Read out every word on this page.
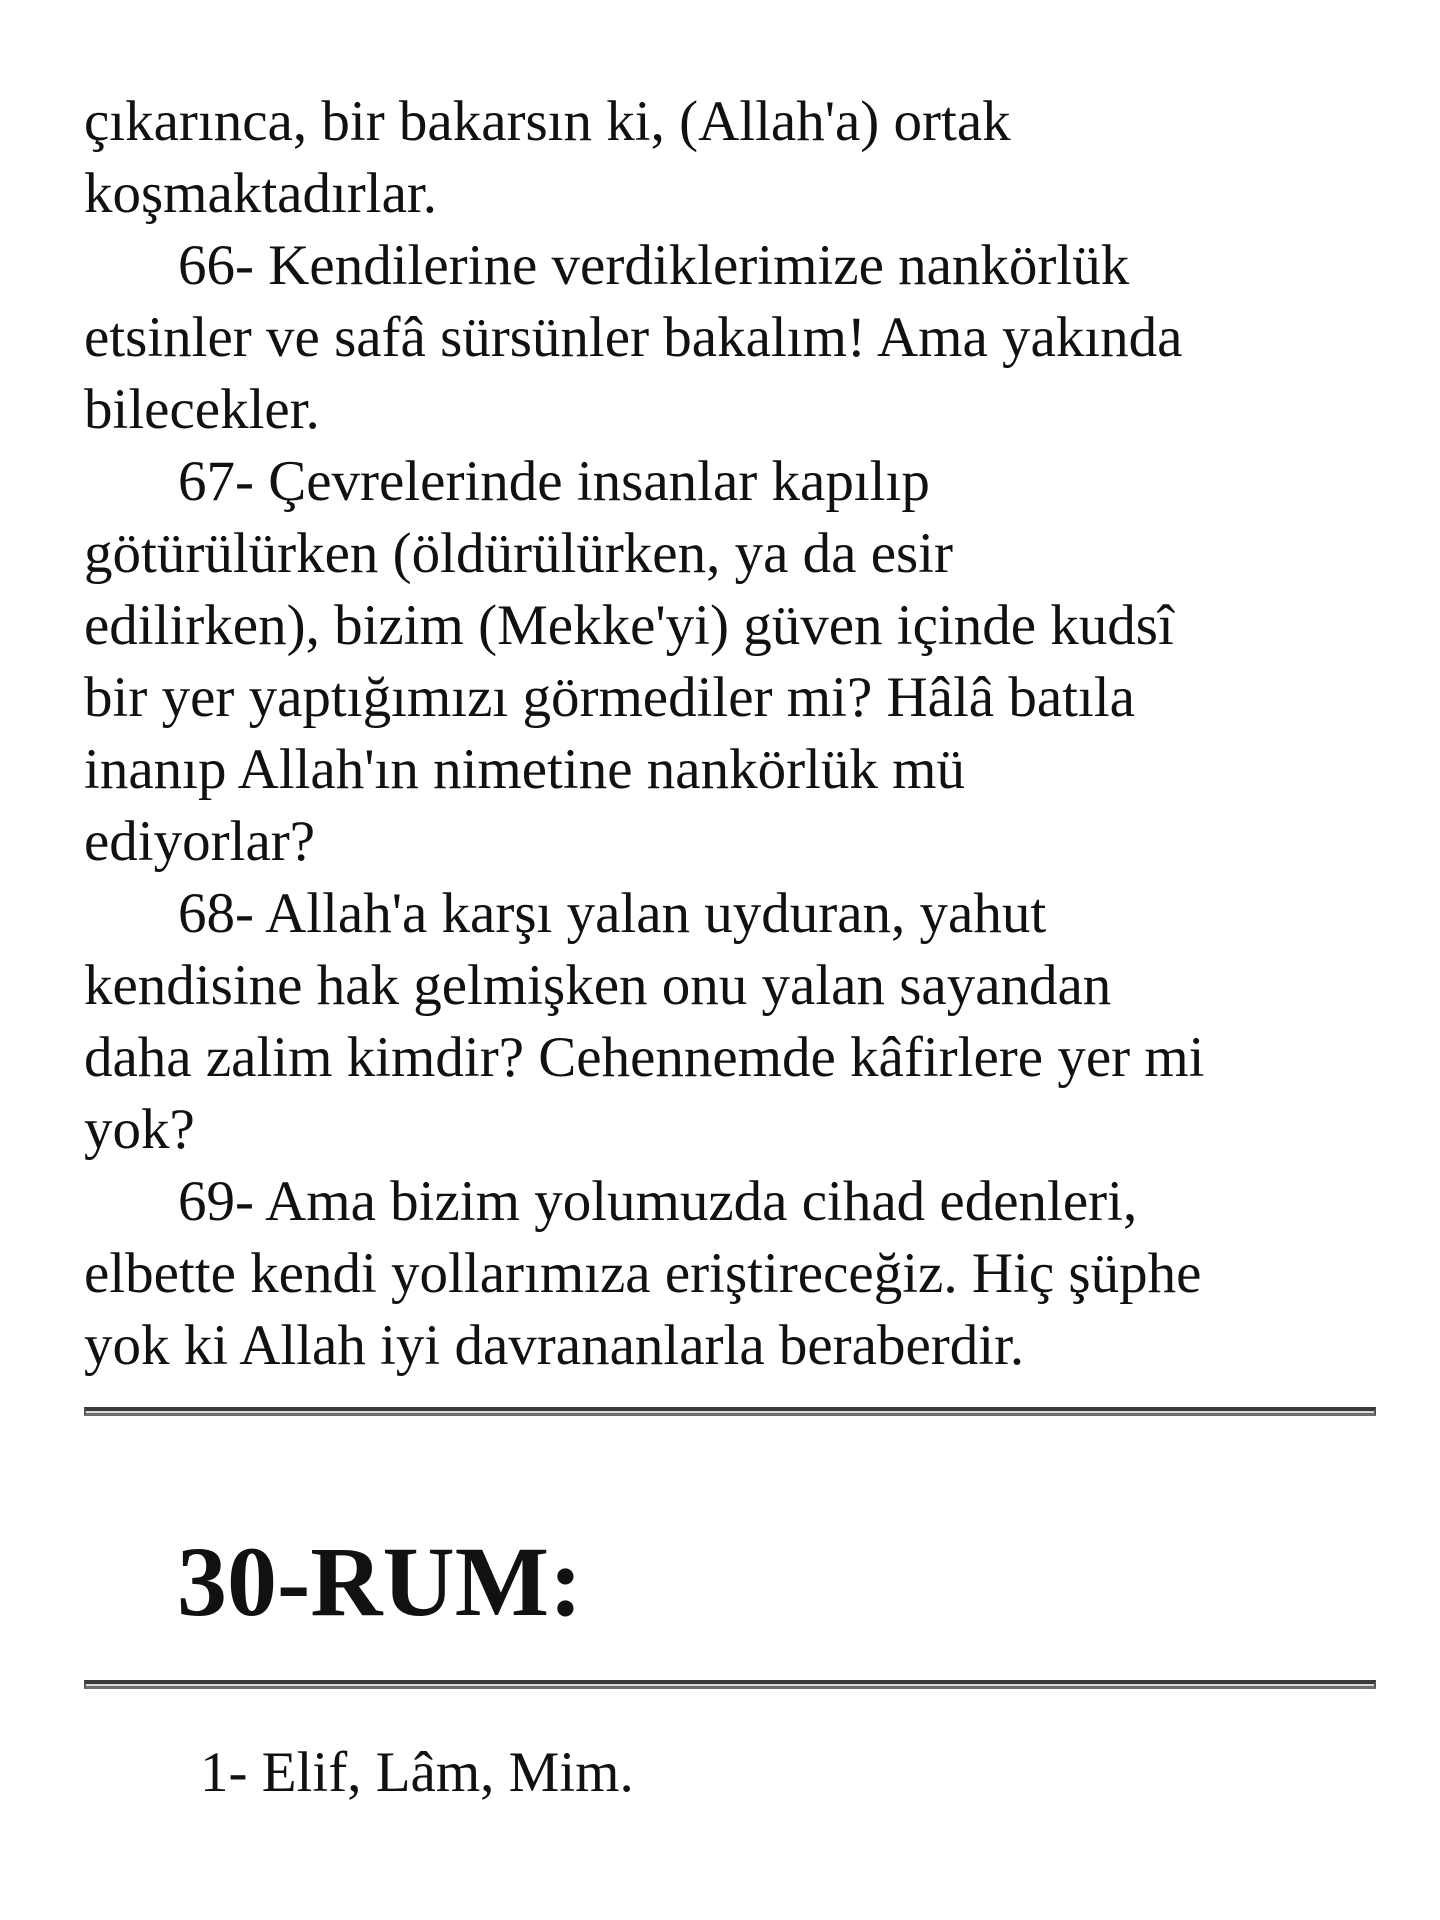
çıkarınca, bir bakarsın ki, (Allah'a) ortak
koşmaktadırlar.
66- Kendilerine verdiklerimize nankörlük
etsinler ve safâ sürsünler bakalım! Ama yakında
bilecekler.
67- Çevrelerinde insanlar kapılıp
götürülürken (öldürülürken, ya da esir
edilirken), bizim (Mekke'yi) güven içinde kudsî
bir yer yaptığımızı görmediler mi? Hâlâ batıla
inanıp Allah'ın nimetine nankörlük mü
ediyorlar?
68- Allah'a karşı yalan uyduran, yahut
kendisine hak gelmişken onu yalan sayandan
daha zalim kimdir? Cehennemde kâfirlere yer mi
yok?
69- Ama bizim yolumuzda cihad edenleri,
elbette kendi yollarımıza eriştireceğiz. Hiç şüphe
yok ki Allah iyi davrananlarla beraberdir.
30-RUM:
1- Elif, Lâm, Mim.
